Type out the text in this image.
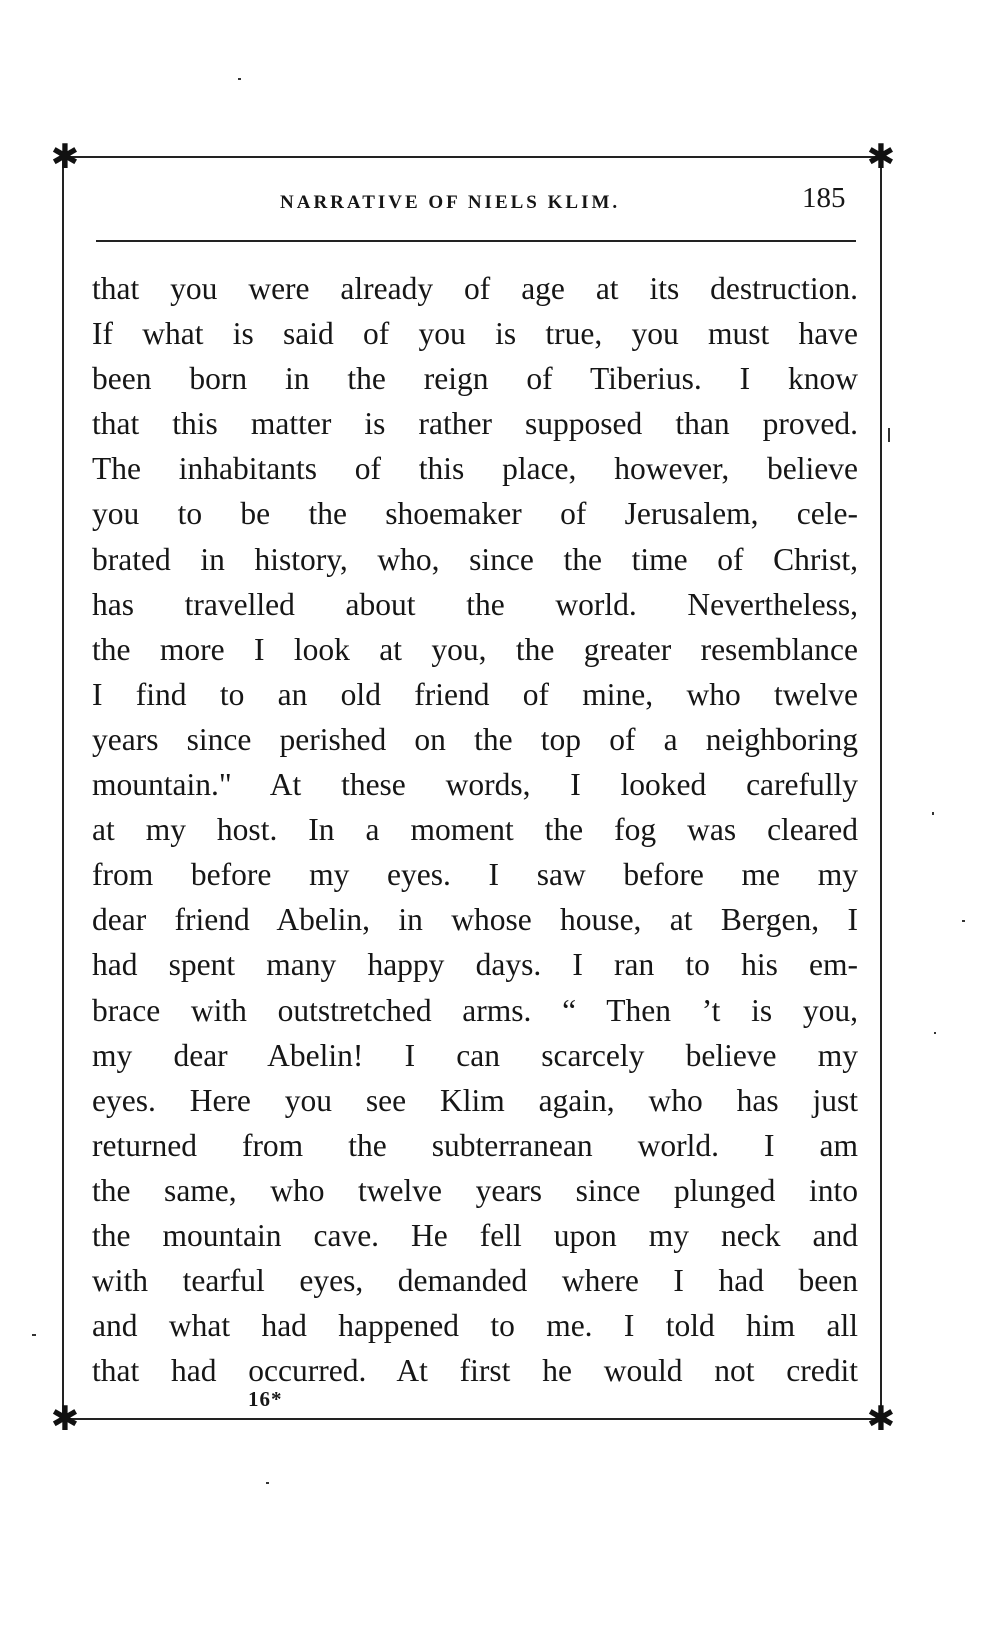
✱	✱
✱	✱
NARRATIVE OF NIELS KLIM.	185
that you were already of age at its destruction.
If what is said of you is true, you must have
been born in the reign of Tiberius. I know
that this matter is rather supposed than proved.
The inhabitants of this place, however, believe
you to be the shoemaker of Jerusalem, cele-
brated in history, who, since the time of Christ,
has travelled about the world. Nevertheless,
the more I look at you, the greater resemblance
I find to an old friend of mine, who twelve
years since perished on the top of a neighboring
mountain." At these words, I looked carefully
at my host. In a moment the fog was cleared
from before my eyes. I saw before me my
dear friend Abelin, in whose house, at Bergen, I
had spent many happy days. I ran to his em-
brace with outstretched arms. “ Then ’t is you,
my dear Abelin! I can scarcely believe my
eyes. Here you see Klim again, who has just
returned from the subterranean world. I am
the same, who twelve years since plunged into
the mountain cave. He fell upon my neck and
with tearful eyes, demanded where I had been
and what had happened to me. I told him all
that had occurred. At first he would not credit
16*
